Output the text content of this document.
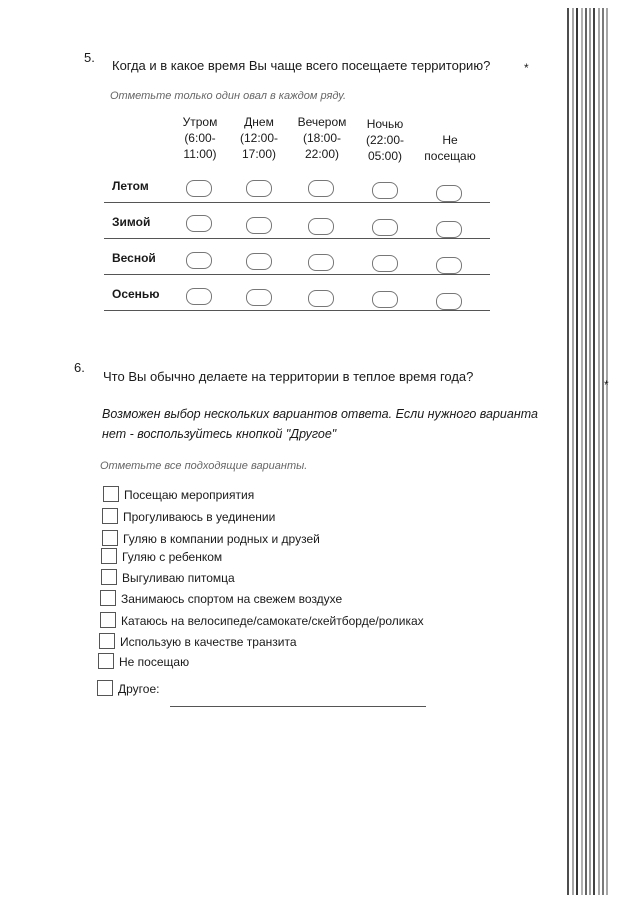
5.
Когда и в какое время Вы чаще всего посещаете территорию?	*
Отметьте только один овал в каждом ряду.
Утром
(6:00-
11:00)
Днем
(12:00-
17:00)
Вечером
(18:00-
22:00)
Ночью
(22:00-
05:00)
Не
посещаю
Летом
Зимой
Весной
Осенью
6.
Что Вы обычно делаете на территории в теплое время года?
*
Возможен выбор нескольких вариантов ответа. Если нужного варианта
нет - воспользуйтесь кнопкой "Другое"
Отметьте все подходящие варианты.
Посещаю мероприятия
Прогуливаюсь в уединении
Гуляю в компании родных и друзей
Гуляю с ребенком
Выгуливаю питомца
Занимаюсь спортом на свежем воздухе
Катаюсь на велосипеде/самокате/скейтборде/роликах
Использую в качестве транзита
Не посещаю
Другое:
